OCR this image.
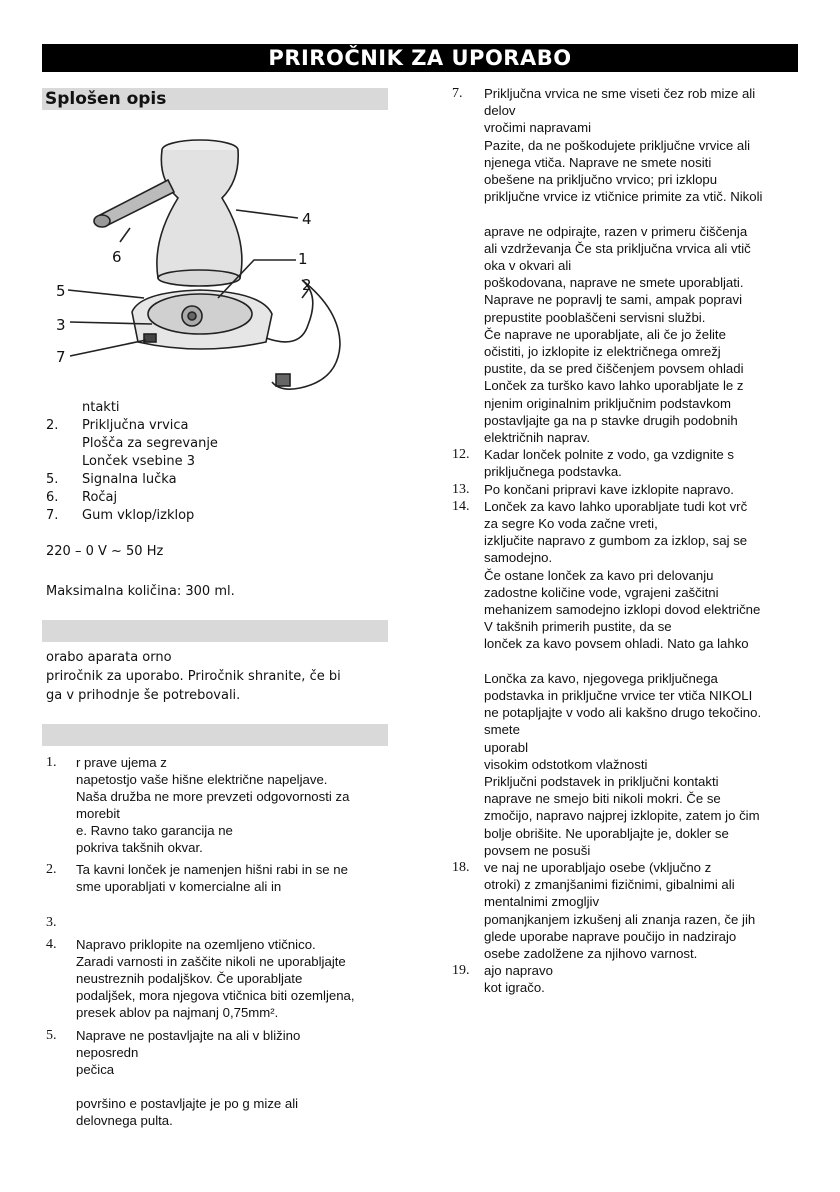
PRIROČNIK ZA UPORABO
Splošen opis
4
1
2
6
5
3
7
ntakti
2. Priključna vrvica
Plošča za segrevanje
Lonček vsebine 3
5. Signalna lučka
6. Ročaj
7. Gum vklop/izklop
220 – 0 V ~ 50 Hz
Maksimalna količina: 300 ml.
orabo aparata orno
priročnik za uporabo. Priročnik shranite, če bi
ga v prihodnje še potrebovali.
1. r prave ujema z
napetostjo vaše hišne električne napeljave.
Naša družba ne more prevzeti odgovornosti za
morebit
e. Ravno tako garancija ne
pokriva takšnih okvar.
2. Ta kavni lonček je namenjen hišni rabi in se ne
sme uporabljati v komercialne ali in
3.
4. Napravo priklopite na ozemljeno vtičnico.
Zaradi varnosti in zaščite nikoli ne uporabljajte
neustreznih podaljškov. Če uporabljate
podaljšek, mora njegova vtičnica biti ozemljena,
presek ablov pa najmanj 0,75mm².
5. Naprave ne postavljajte na ali v bližino
neposredn
pečica
površino e postavljajte je po g mize ali
delovnega pulta.
7. Priključna vrvica ne sme viseti čez rob mize ali
delov
vročimi napravami
Pazite, da ne poškodujete priključne vrvice ali
njenega vtiča. Naprave ne smete nositi
obešene na priključno vrvico; pri izklopu
priključne vrvice iz vtičnice primite za vtič. Nikoli
aprave ne odpirajte, razen v primeru čiščenja
ali vzdrževanja Če sta priključna vrvica ali vtič
oka v okvari ali
poškodovana, naprave ne smete uporabljati.
Naprave ne popravlj te sami, ampak popravi
prepustite pooblaščeni servisni službi.
Če naprave ne uporabljate, ali če jo želite
očistiti, jo izklopite iz električnega omrežj
pustite, da se pred čiščenjem povsem ohladi
Lonček za turško kavo lahko uporabljate le z
njenim originalnim priključnim podstavkom
postavljajte ga na p stavke drugih podobnih
električnih naprav.
12. Kadar lonček polnite z vodo, ga vzdignite s
priključnega podstavka.
13. Po končani pripravi kave izklopite napravo.
14. Lonček za kavo lahko uporabljate tudi kot vrč
za segre Ko voda začne vreti,
izključite napravo z gumbom za izklop, saj se
samodejno.
Če ostane lonček za kavo pri delovanju
zadostne količine vode, vgrajeni zaščitni
mehanizem samodejno izklopi dovod električne
V takšnih primerih pustite, da se
lonček za kavo povsem ohladi. Nato ga lahko
Lončka za kavo, njegovega priključnega
podstavka in priključne vrvice ter vtiča NIKOLI
ne potapljajte v vodo ali kakšno drugo tekočino.
smete
uporabl
visokim odstotkom vlažnosti
Priključni podstavek in priključni kontakti
naprave ne smejo biti nikoli mokri. Če se
zmočijo, napravo najprej izklopite, zatem jo čim
bolje obrišite. Ne uporabljajte je, dokler se
povsem ne posuši
18. ve naj ne uporabljajo osebe (vključno z
otroki) z zmanjšanimi fizičnimi, gibalnimi ali
mentalnimi zmogljiv
pomanjkanjem izkušenj ali znanja razen, če jih
glede uporabe naprave poučijo in nadzirajo
osebe zadolžene za njihovo varnost.
19. ajo napravo
kot igračo.
